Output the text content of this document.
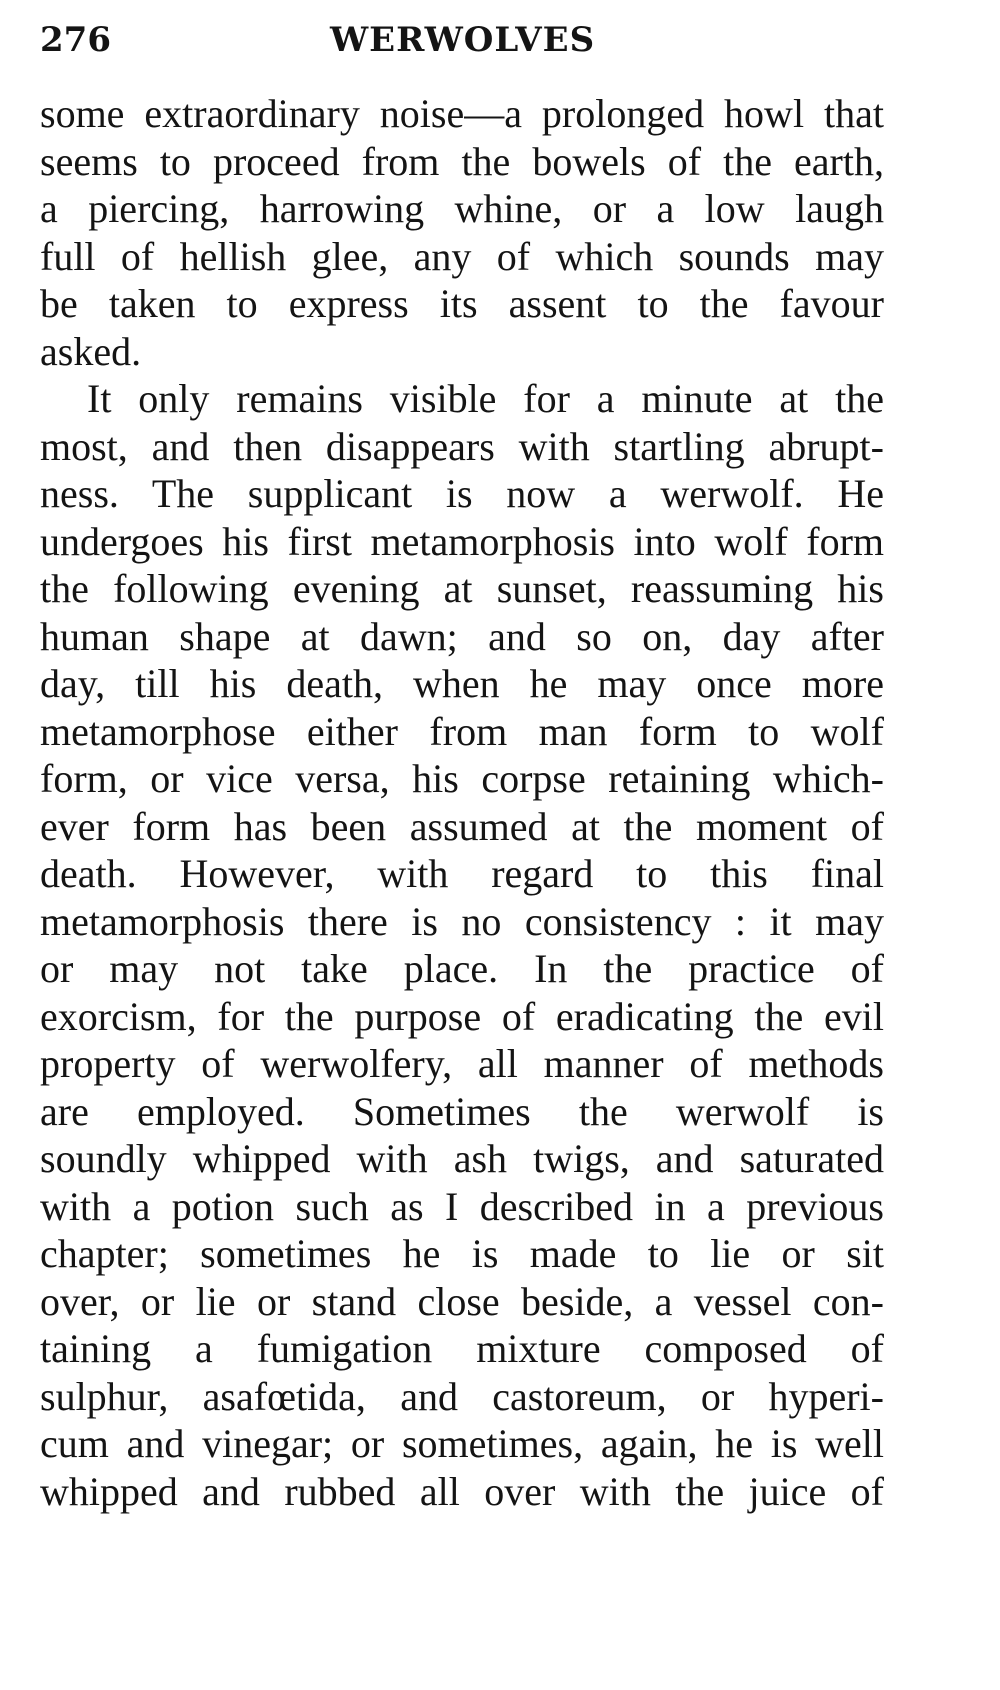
276	WERWOLVES
some extraordinary noise—a prolonged howl that
seems to proceed from the bowels of the earth,
a piercing, harrowing whine, or a low laugh
full of hellish glee, any of which sounds may
be taken to express its assent to the favour
asked.
It only remains visible for a minute at the
most, and then disappears with startling abrupt-
ness. The supplicant is now a werwolf. He
undergoes his first metamorphosis into wolf form
the following evening at sunset, reassuming his
human shape at dawn; and so on, day after
day, till his death, when he may once more
metamorphose either from man form to wolf
form, or vice versa, his corpse retaining which-
ever form has been assumed at the moment of
death. However, with regard to this final
metamorphosis there is no consistency : it may
or may not take place. In the practice of
exorcism, for the purpose of eradicating the evil
property of werwolfery, all manner of methods
are employed. Sometimes the werwolf is
soundly whipped with ash twigs, and saturated
with a potion such as I described in a previous
chapter; sometimes he is made to lie or sit
over, or lie or stand close beside, a vessel con-
taining a fumigation mixture composed of
sulphur, asafœtida, and castoreum, or hyperi-
cum and vinegar; or sometimes, again, he is well
whipped and rubbed all over with the juice of
